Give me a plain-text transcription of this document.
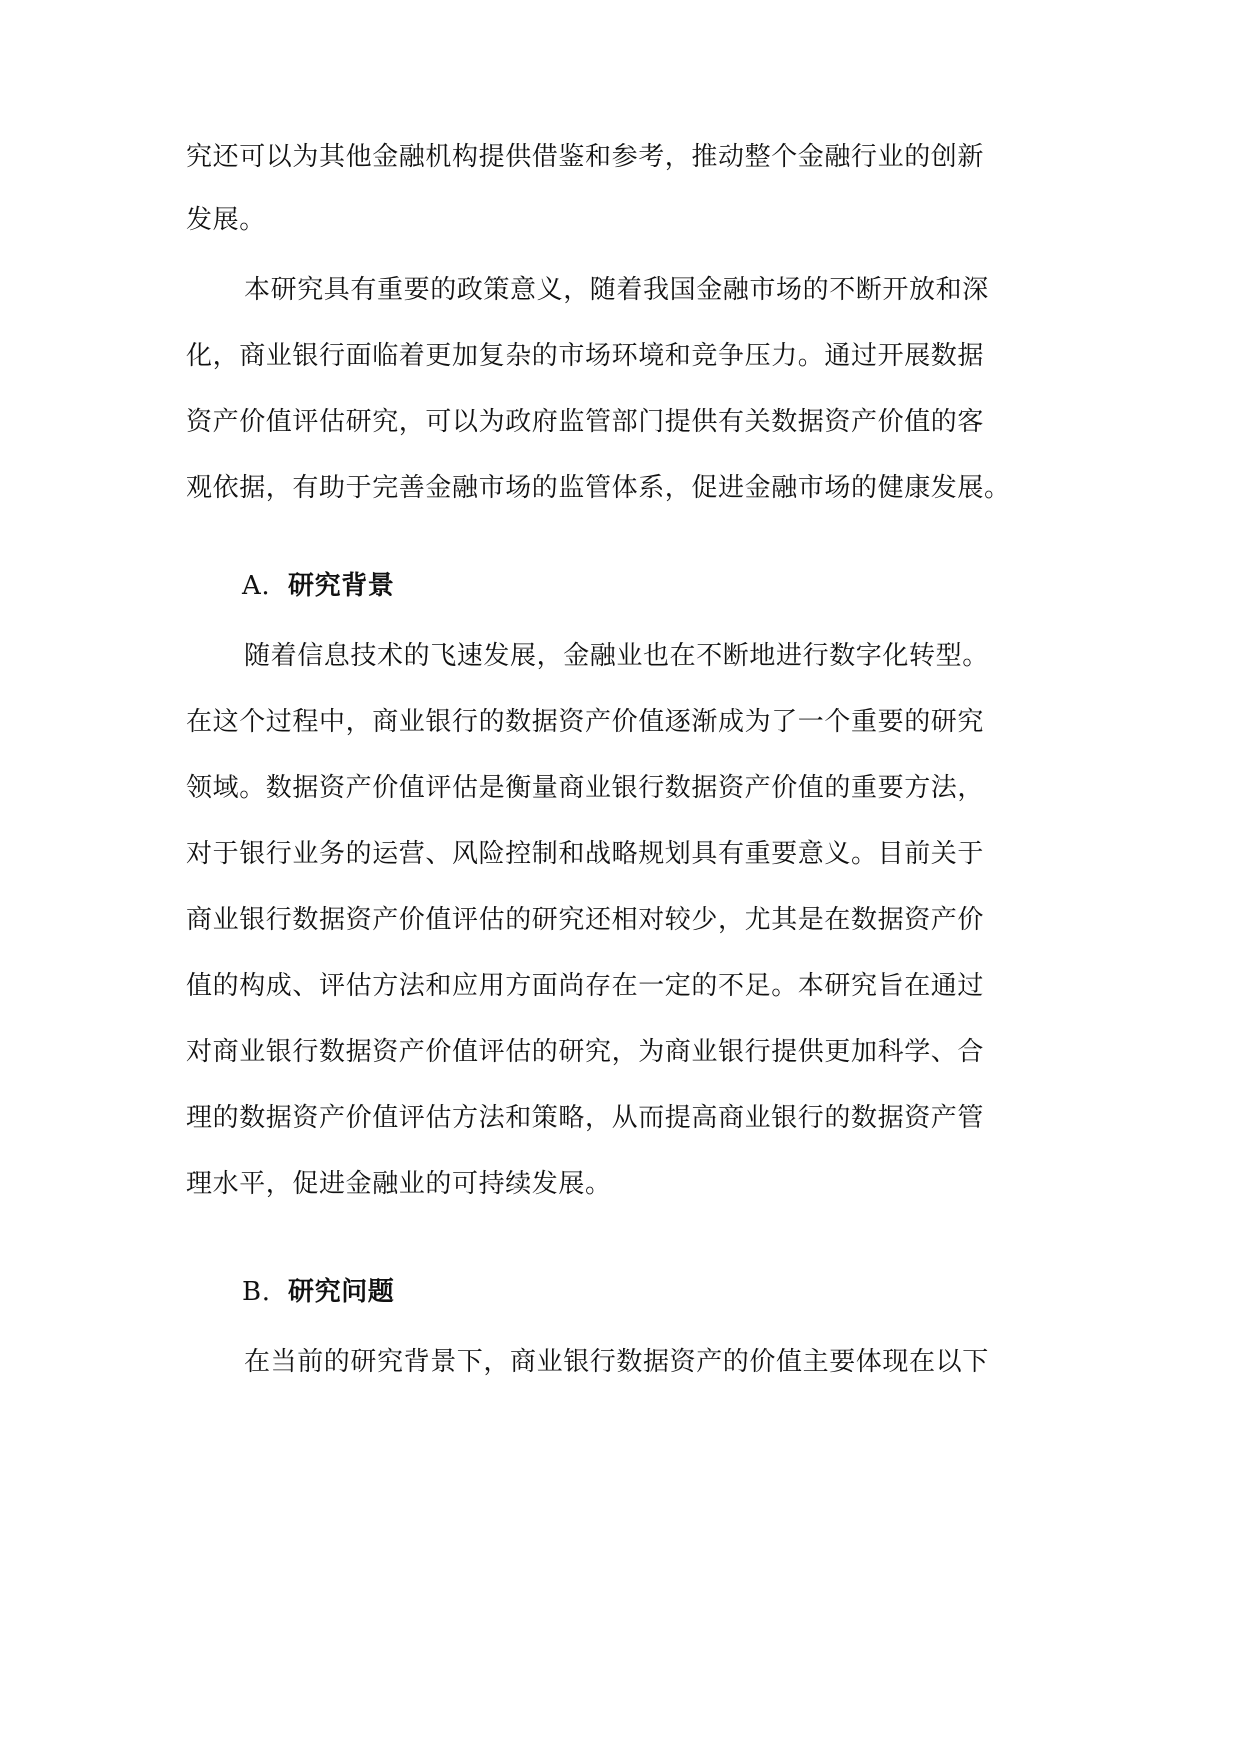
究还可以为其他金融机构提供借鉴和参考，推动整个金融行业的创新
发展。
本研究具有重要的政策意义，随着我国金融市场的不断开放和深
化，商业银行面临着更加复杂的市场环境和竞争压力。通过开展数据
资产价值评估研究，可以为政府监管部门提供有关数据资产价值的客
观依据，有助于完善金融市场的监管体系，促进金融市场的健康发展。
A. 研究背景
随着信息技术的飞速发展，金融业也在不断地进行数字化转型。
在这个过程中，商业银行的数据资产价值逐渐成为了一个重要的研究
领域。数据资产价值评估是衡量商业银行数据资产价值的重要方法，
对于银行业务的运营、风险控制和战略规划具有重要意义。目前关于
商业银行数据资产价值评估的研究还相对较少，尤其是在数据资产价
值的构成、评估方法和应用方面尚存在一定的不足。本研究旨在通过
对商业银行数据资产价值评估的研究，为商业银行提供更加科学、合
理的数据资产价值评估方法和策略，从而提高商业银行的数据资产管
理水平，促进金融业的可持续发展。
B. 研究问题
在当前的研究背景下，商业银行数据资产的价值主要体现在以下
